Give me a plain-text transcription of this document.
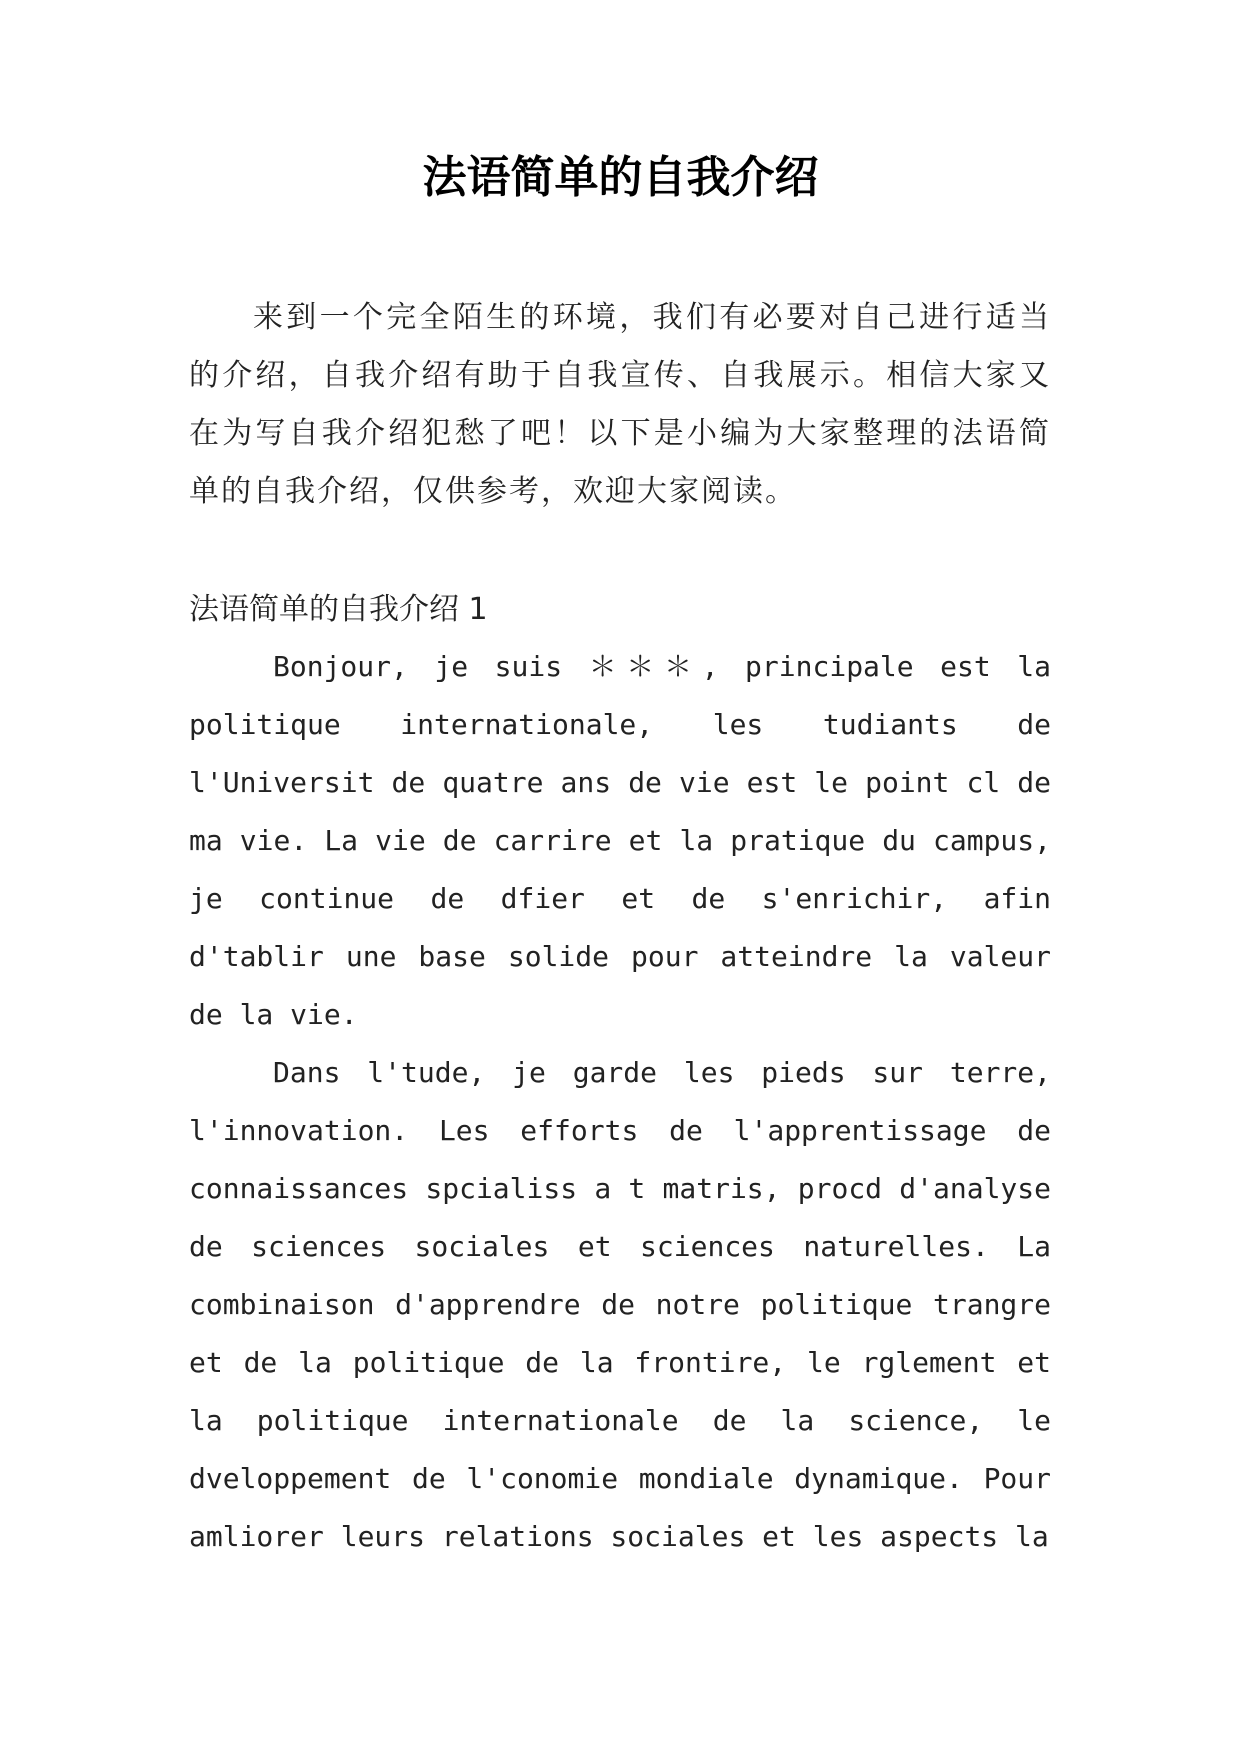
法语简单的自我介绍

来到一个完全陌生的环境，我们有必要对自己进行适当的介绍，自我介绍有助于自我宣传、自我展示。相信大家又在为写自我介绍犯愁了吧！以下是小编为大家整理的法语简单的自我介绍，仅供参考，欢迎大家阅读。

法语简单的自我介绍 1

Bonjour, je suis ＊＊＊, principale est la politique internationale, les tudiants de l'Universit de quatre ans de vie est le point cl de ma vie. La vie de carrire et la pratique du campus, je continue de dfier et de s'enrichir, afin d'tablir une base solide pour atteindre la valeur de la vie.

Dans l'tude, je garde les pieds sur terre, l'innovation. Les efforts de l'apprentissage de connaissances spcialiss a t matris, procd d'analyse de sciences sociales et sciences naturelles. La combinaison d'apprendre de notre politique trangre et de la politique de la frontire, le rglement et la politique internationale de la science, le dveloppement de l'conomie mondiale dynamique. Pour amliorer leurs relations sociales et les aspects la
